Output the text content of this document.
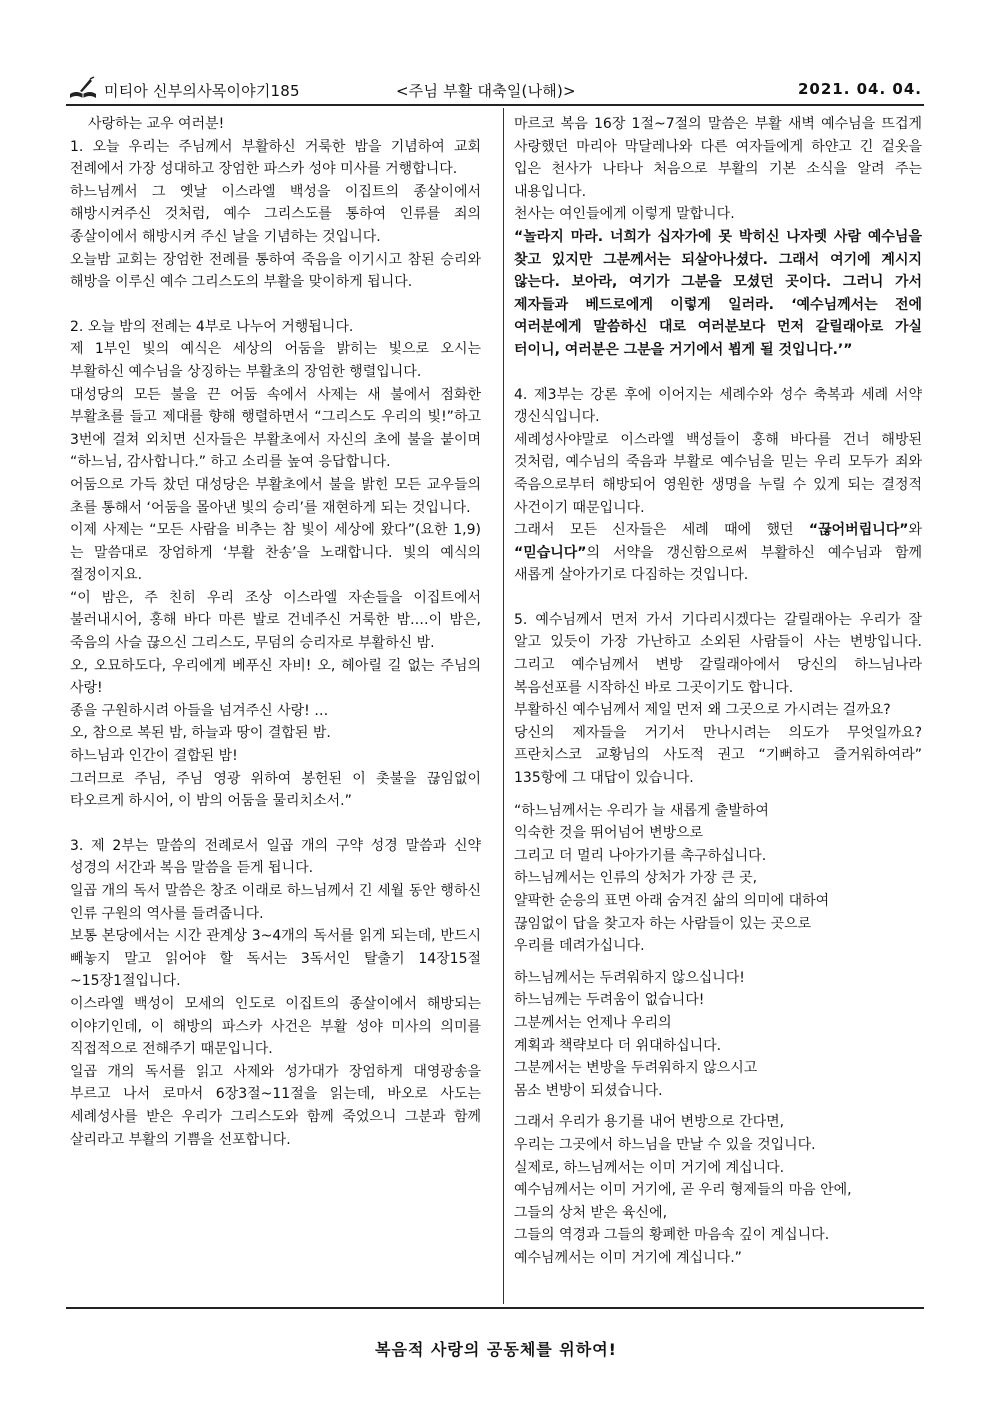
미티아 신부의사목이야기185	<주님 부활 대축일(나해)>	2021. 04. 04.

사랑하는 교우 여러분!

1. 오늘 우리는 주님께서 부활하신 거룩한 밤을 기념하여 교회 전례에서 가장 성대하고 장엄한 파스카 성야 미사를 거행합니다.

하느님께서 그 옛날 이스라엘 백성을 이집트의 종살이에서 해방시켜주신 것처럼, 예수 그리스도를 통하여 인류를 죄의 종살이에서 해방시켜 주신 날을 기념하는 것입니다.

오늘밤 교회는 장엄한 전례를 통하여 죽음을 이기시고 참된 승리와 해방을 이루신 예수 그리스도의 부활을 맞이하게 됩니다.

2. 오늘 밤의 전례는 4부로 나누어 거행됩니다.

제 1부인 빛의 예식은 세상의 어둠을 밝히는 빛으로 오시는 부활하신 예수님을 상징하는 부활초의 장엄한 행렬입니다.

대성당의 모든 불을 끈 어둠 속에서 사제는 새 불에서 점화한 부활초를 들고 제대를 향해 행렬하면서 “그리스도 우리의 빛!”하고 3번에 걸쳐 외치면 신자들은 부활초에서 자신의 초에 불을 붙이며 “하느님, 감사합니다.” 하고 소리를 높여 응답합니다.

어둠으로 가득 찼던 대성당은 부활초에서 불을 밝힌 모든 교우들의 초를 통해서 ‘어둠을 몰아낸 빛의 승리’를 재현하게 되는 것입니다.

이제 사제는 “모든 사람을 비추는 참 빛이 세상에 왔다”(요한 1,9)는 말씀대로 장엄하게 ‘부활 찬송’을 노래합니다. 빛의 예식의 절정이지요.

“이 밤은, 주 친히 우리 조상 이스라엘 자손들을 이집트에서 불러내시어, 홍해 바다 마른 발로 건네주신 거룩한 밤.…이 밤은, 죽음의 사슬 끊으신 그리스도, 무덤의 승리자로 부활하신 밤.

오, 오묘하도다, 우리에게 베푸신 자비! 오, 헤아릴 길 없는 주님의 사랑!

종을 구원하시려 아들을 넘겨주신 사랑! …

오, 참으로 복된 밤, 하늘과 땅이 결합된 밤.

하느님과 인간이 결합된 밤!

그러므로 주님, 주님 영광 위하여 봉헌된 이 촛불을 끊임없이 타오르게 하시어, 이 밤의 어둠을 물리치소서.”

3. 제 2부는 말씀의 전례로서 일곱 개의 구약 성경 말씀과 신약 성경의 서간과 복음 말씀을 듣게 됩니다.

일곱 개의 독서 말씀은 창조 이래로 하느님께서 긴 세월 동안 행하신 인류 구원의 역사를 들려줍니다.

보통 본당에서는 시간 관계상 3~4개의 독서를 읽게 되는데, 반드시 빼놓지 말고 읽어야 할 독서는 3독서인 탈출기 14장15절~15장1절입니다.

이스라엘 백성이 모세의 인도로 이집트의 종살이에서 해방되는 이야기인데, 이 해방의 파스카 사건은 부활 성야 미사의 의미를 직접적으로 전해주기 때문입니다.

일곱 개의 독서를 읽고 사제와 성가대가 장엄하게 대영광송을 부르고 나서 로마서 6장3절~11절을 읽는데, 바오로 사도는 세례성사를 받은 우리가 그리스도와 함께 죽었으니 그분과 함께 살리라고 부활의 기쁨을 선포합니다.

마르코 복음 16장 1절~7절의 말씀은 부활 새벽 예수님을 뜨겁게 사랑했던 마리아 막달레나와 다른 여자들에게 하얀고 긴 겉옷을 입은 천사가 나타나 처음으로 부활의 기본 소식을 알려 주는 내용입니다.

천사는 여인들에게 이렇게 말합니다.

“놀라지 마라. 너희가 십자가에 못 박히신 나자렛 사람 예수님을 찾고 있지만 그분께서는 되살아나셨다. 그래서 여기에 계시지 않는다. 보아라, 여기가 그분을 모셨던 곳이다. 그러니 가서 제자들과 베드로에게 이렇게 일러라. ‘예수님께서는 전에 여러분에게 말씀하신 대로 여러분보다 먼저 갈릴래아로 가실 터이니, 여러분은 그분을 거기에서 뵙게 될 것입니다.’”

4. 제3부는 강론 후에 이어지는 세례수와 성수 축복과 세례 서약 갱신식입니다.

세례성사야말로 이스라엘 백성들이 홍해 바다를 건너 해방된 것처럼, 예수님의 죽음과 부활로 예수님을 믿는 우리 모두가 죄와 죽음으로부터 해방되어 영원한 생명을 누릴 수 있게 되는 결정적 사건이기 때문입니다.

그래서 모든 신자들은 세례 때에 했던 “끊어버립니다”와 “믿습니다”의 서약을 갱신함으로써 부활하신 예수님과 함께 새롭게 살아가기로 다짐하는 것입니다.

5. 예수님께서 먼저 가서 기다리시겠다는 갈릴래아는 우리가 잘 알고 있듯이 가장 가난하고 소외된 사람들이 사는 변방입니다. 그리고 예수님께서 변방 갈릴래아에서 당신의 하느님나라 복음선포를 시작하신 바로 그곳이기도 합니다.

부활하신 예수님께서 제일 먼저 왜 그곳으로 가시려는 걸까요?

당신의 제자들을 거기서 만나시려는 의도가 무엇일까요? 프란치스코 교황님의 사도적 권고 “기뻐하고 즐거워하여라” 135항에 그 대답이 있습니다.

“하느님께서는 우리가 늘 새롭게 출발하여

익숙한 것을 뛰어넘어 변방으로

그리고 더 멀리 나아가기를 촉구하십니다.

하느님께서는 인류의 상처가 가장 큰 곳,

얄팍한 순응의 표면 아래 숨겨진 삶의 의미에 대하여

끊임없이 답을 찾고자 하는 사람들이 있는 곳으로

우리를 데려가십니다.

하느님께서는 두려워하지 않으십니다!

하느님께는 두려움이 없습니다!

그분께서는 언제나 우리의

계획과 책략보다 더 위대하십니다.

그분께서는 변방을 두려워하지 않으시고

몸소 변방이 되셨습니다.

그래서 우리가 용기를 내어 변방으로 간다면,

우리는 그곳에서 하느님을 만날 수 있을 것입니다.

실제로, 하느님께서는 이미 거기에 계십니다.

예수님께서는 이미 거기에, 곧 우리 형제들의 마음 안에,

그들의 상처 받은 육신에,

그들의 역경과 그들의 황폐한 마음속 깊이 계십니다.

예수님께서는 이미 거기에 계십니다.”

복음적 사랑의 공동체를 위하여!
